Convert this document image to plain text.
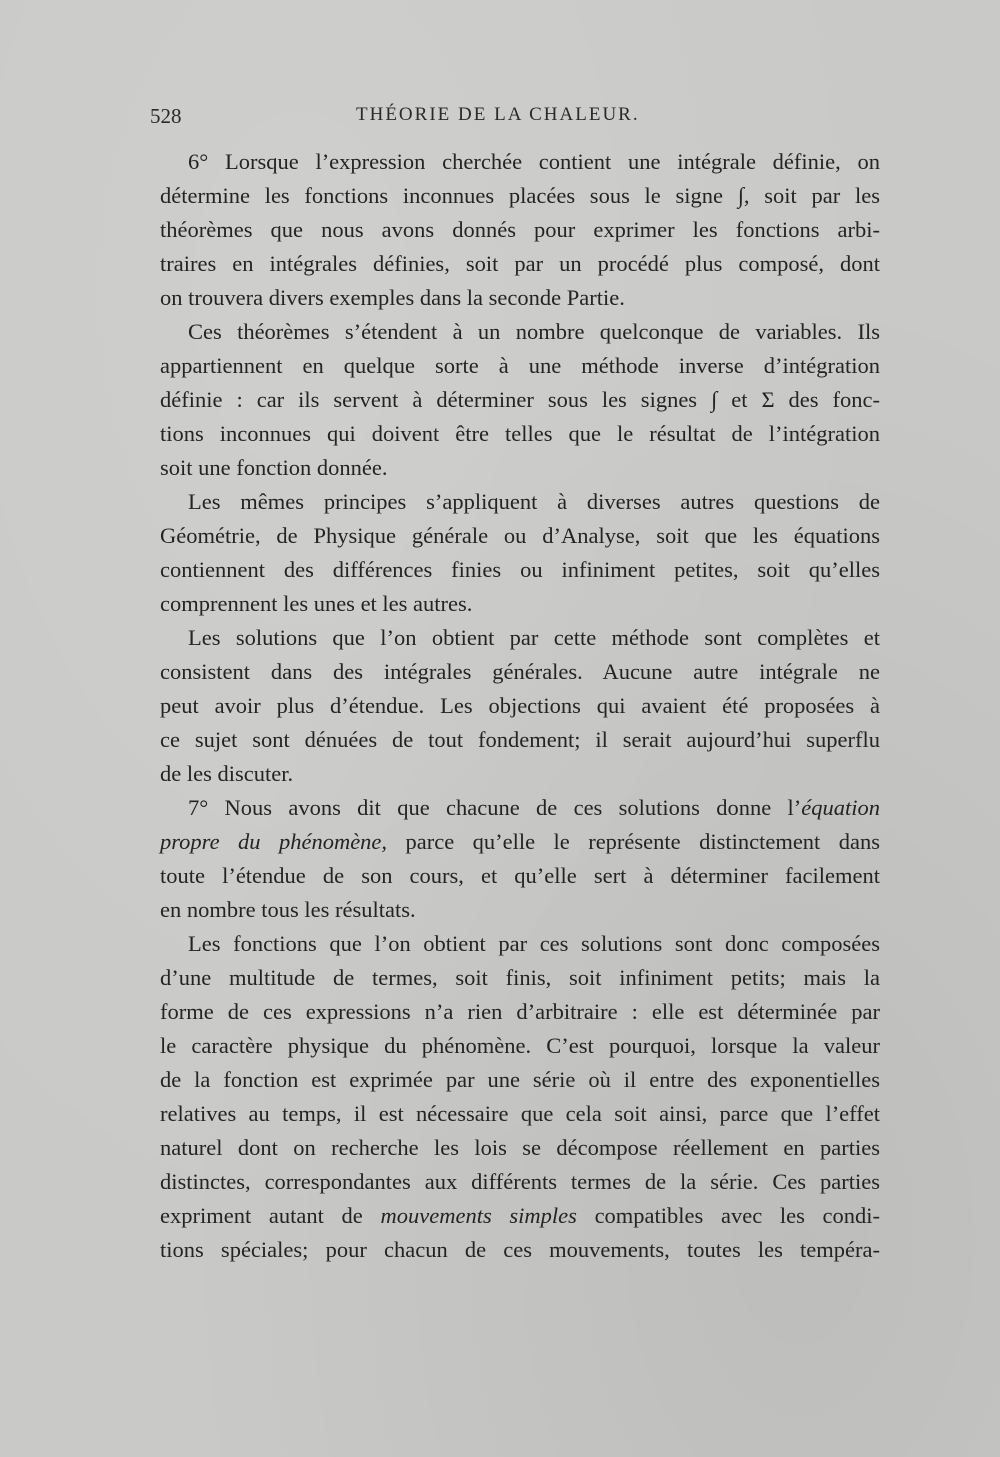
528	THÉORIE DE LA CHALEUR.
6° Lorsque l’expression cherchée contient une intégrale définie, on
détermine les fonctions inconnues placées sous le signe ∫, soit par les
théorèmes que nous avons donnés pour exprimer les fonctions arbi-
traires en intégrales définies, soit par un procédé plus composé, dont
on trouvera divers exemples dans la seconde Partie.
Ces théorèmes s’étendent à un nombre quelconque de variables. Ils
appartiennent en quelque sorte à une méthode inverse d’intégration
définie : car ils servent à déterminer sous les signes ∫ et Σ des fonc-
tions inconnues qui doivent être telles que le résultat de l’intégration
soit une fonction donnée.
Les mêmes principes s’appliquent à diverses autres questions de
Géométrie, de Physique générale ou d’Analyse, soit que les équations
contiennent des différences finies ou infiniment petites, soit qu’elles
comprennent les unes et les autres.
Les solutions que l’on obtient par cette méthode sont complètes et
consistent dans des intégrales générales. Aucune autre intégrale ne
peut avoir plus d’étendue. Les objections qui avaient été proposées à
ce sujet sont dénuées de tout fondement; il serait aujourd’hui superflu
de les discuter.
7° Nous avons dit que chacune de ces solutions donne l’équation
propre du phénomène, parce qu’elle le représente distinctement dans
toute l’étendue de son cours, et qu’elle sert à déterminer facilement
en nombre tous les résultats.
Les fonctions que l’on obtient par ces solutions sont donc composées
d’une multitude de termes, soit finis, soit infiniment petits; mais la
forme de ces expressions n’a rien d’arbitraire : elle est déterminée par
le caractère physique du phénomène. C’est pourquoi, lorsque la valeur
de la fonction est exprimée par une série où il entre des exponentielles
relatives au temps, il est nécessaire que cela soit ainsi, parce que l’effet
naturel dont on recherche les lois se décompose réellement en parties
distinctes, correspondantes aux différents termes de la série. Ces parties
expriment autant de mouvements simples compatibles avec les condi-
tions spéciales; pour chacun de ces mouvements, toutes les tempéra-
